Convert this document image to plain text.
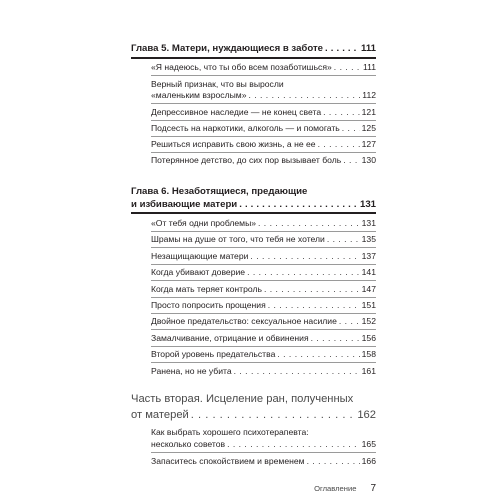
Глава 5. Матери, нуждающиеся в заботе . . .	111
«Я надеюсь, что ты обо всем позаботишься» . . .	111
Верный признак, что вы выросли
«маленьким взрослым» . . .	112
Депрессивное наследие — не конец света . . .	121
Подсесть на наркотики, алкоголь — и помогать . . .	125
Решиться исправить свою жизнь, а не ее . . .	127
Потерянное детство, до сих пор вызывает боль . . . 130
Глава 6. Незаботящиеся, предающие
и избивающие матери . . .	131
«От тебя одни проблемы» . . .	131
Шрамы на душе от того, что тебя не хотели . . .	135
Незащищающие матери . . .	137
Когда убивают доверие . . .	141
Когда мать теряет контроль . . .	147
Просто попросить прощения . . .	151
Двойное предательство: сексуальное насилие . . .	152
Замалчивание, отрицание и обвинения . . .	156
Второй уровень предательства . . .	158
Ранена, но не убита . . .	161
Часть вторая. Исцеление ран, полученных
от матерей . . .	162
Как выбрать хорошего психотерапевта:
несколько советов . . .	165
Запаситесь спокойствием и временем . . .	166
Оглавление 7
